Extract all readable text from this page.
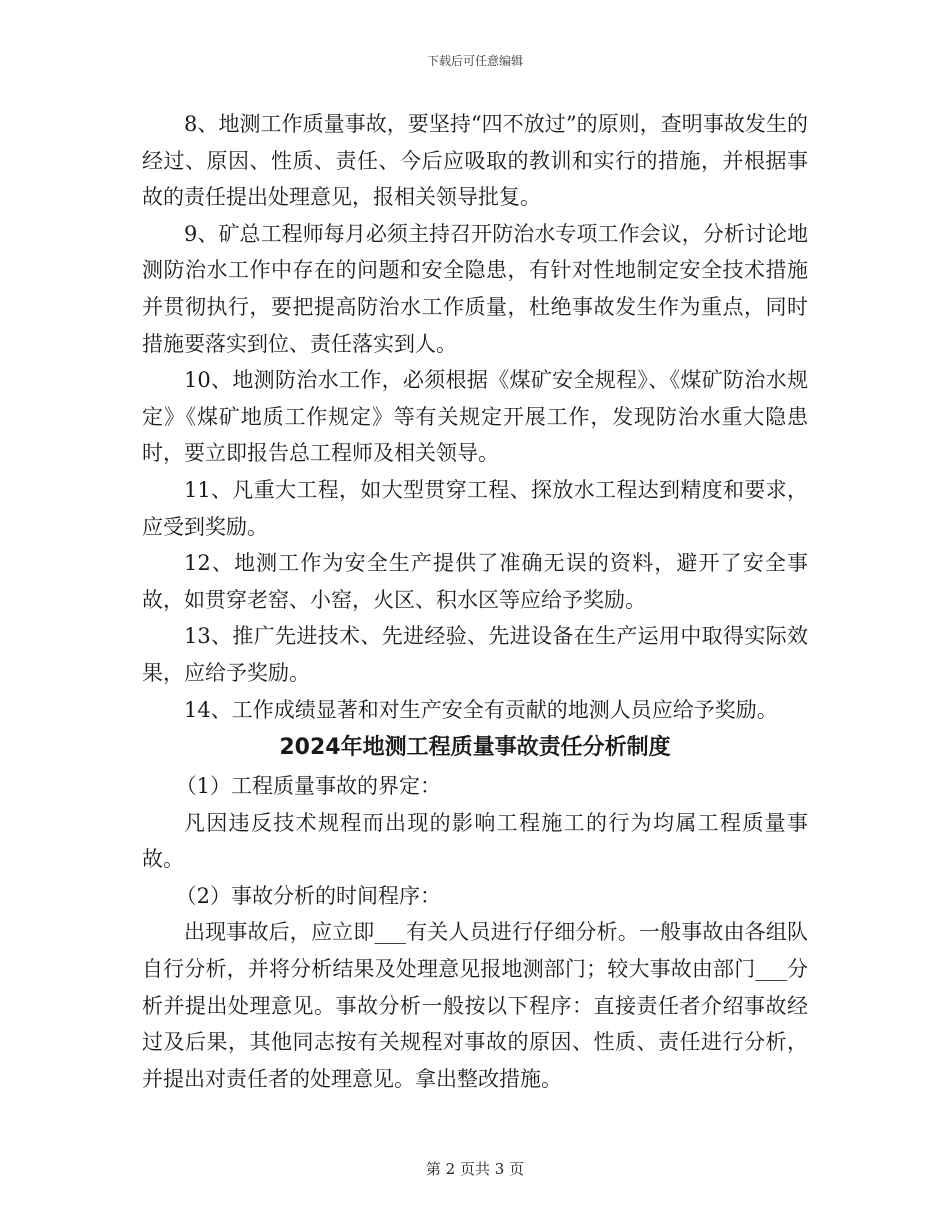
下载后可任意编辑

8、地测工作质量事故，要坚持“四不放过”的原则，查明事故发生的经过、原因、性质、责任、今后应吸取的教训和实行的措施，并根据事故的责任提出处理意见，报相关领导批复。

9、矿总工程师每月必须主持召开防治水专项工作会议，分析讨论地测防治水工作中存在的问题和安全隐患，有针对性地制定安全技术措施并贯彻执行，要把提高防治水工作质量，杜绝事故发生作为重点，同时措施要落实到位、责任落实到人。

10、地测防治水工作，必须根据《煤矿安全规程》、《煤矿防治水规定》《煤矿地质工作规定》等有关规定开展工作，发现防治水重大隐患时，要立即报告总工程师及相关领导。

11、凡重大工程，如大型贯穿工程、探放水工程达到精度和要求，应受到奖励。

12、地测工作为安全生产提供了准确无误的资料，避开了安全事故，如贯穿老窑、小窑，火区、积水区等应给予奖励。

13、推广先进技术、先进经验、先进设备在生产运用中取得实际效果，应给予奖励。

14、工作成绩显著和对生产安全有贡献的地测人员应给予奖励。

2024年地测工程质量事故责任分析制度

（1）工程质量事故的界定：

凡因违反技术规程而出现的影响工程施工的行为均属工程质量事故。

（2）事故分析的时间程序：

出现事故后，应立即___有关人员进行仔细分析。一般事故由各组队自行分析，并将分析结果及处理意见报地测部门；较大事故由部门___分析并提出处理意见。事故分析一般按以下程序：直接责任者介绍事故经过及后果，其他同志按有关规程对事故的原因、性质、责任进行分析，并提出对责任者的处理意见。拿出整改措施。

第 2 页共 3 页
